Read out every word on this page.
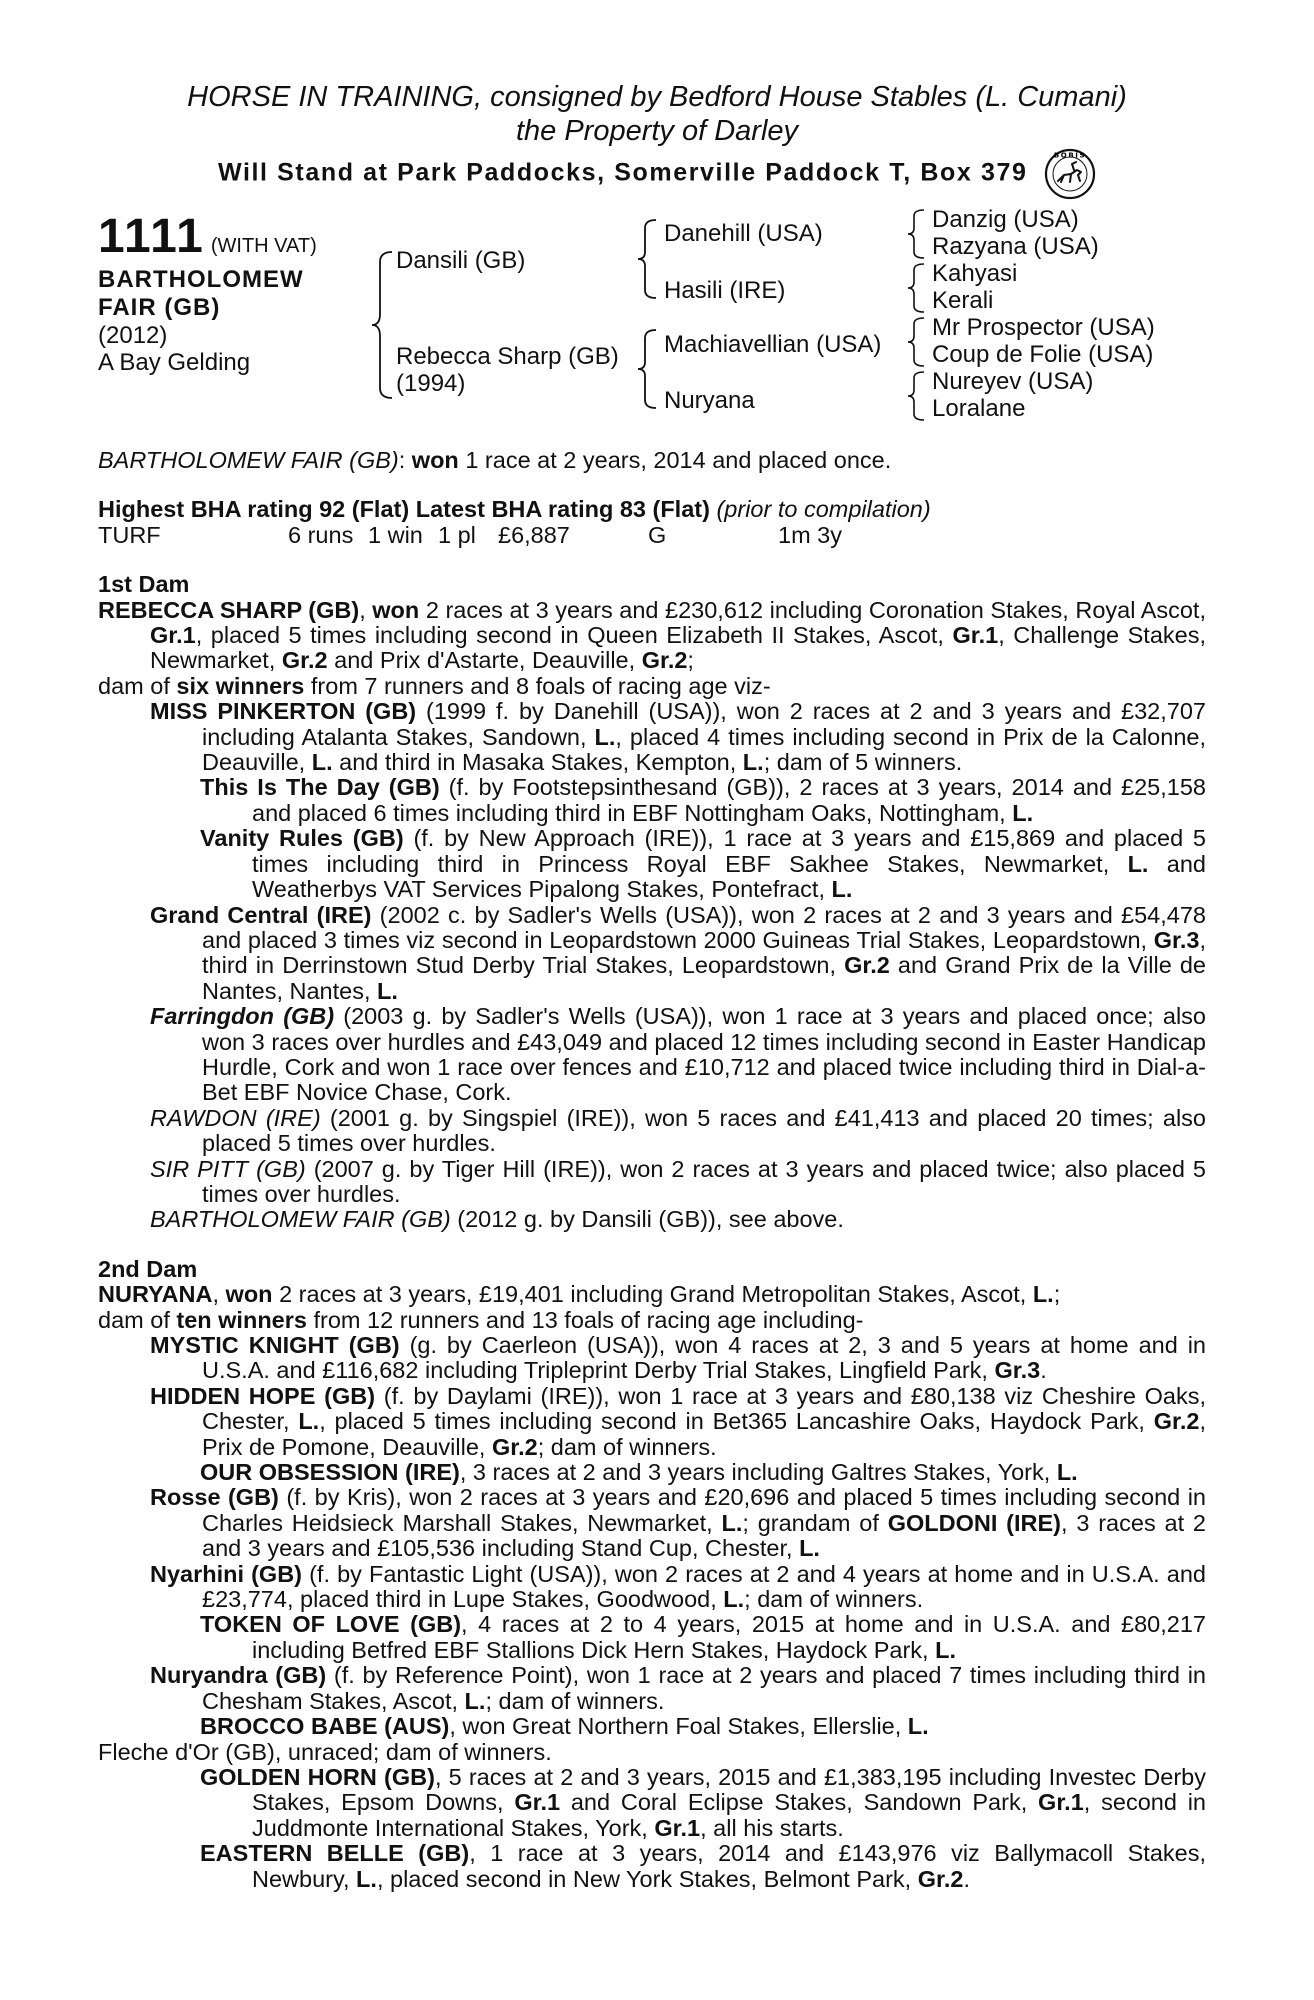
HORSE IN TRAINING, consigned by Bedford House Stables (L. Cumani)
the Property of Darley
Will Stand at Park Paddocks, Somerville Paddock T, Box 379
BOBIS
1111 (WITH VAT)
BARTHOLOMEW
FAIR (GB)
(2012)
A Bay Gelding
Dansili (GB)
Rebecca Sharp (GB)
(1994)
Danehill (USA)
Hasili (IRE)
Machiavellian (USA)
Nuryana
Danzig (USA)
Razyana (USA)
Kahyasi
Kerali
Mr Prospector (USA)
Coup de Folie (USA)
Nureyev (USA)
Loralane

BARTHOLOMEW FAIR (GB): won 1 race at 2 years, 2014 and placed once.

Highest BHA rating 92 (Flat) Latest BHA rating 83 (Flat) (prior to compilation)

TURF	6 runs 1 win 1 pl £6,887	G	1m 3y

1st Dam

REBECCA SHARP (GB), won 2 races at 3 years and £230,612 including Coronation Stakes, Royal Ascot, Gr.1, placed 5 times including second in Queen Elizabeth II Stakes, Ascot, Gr.1, Challenge Stakes, Newmarket, Gr.2 and Prix d'Astarte, Deauville, Gr.2;

dam of six winners from 7 runners and 8 foals of racing age viz-

MISS PINKERTON (GB) (1999 f. by Danehill (USA)), won 2 races at 2 and 3 years and £32,707 including Atalanta Stakes, Sandown, L., placed 4 times including second in Prix de la Calonne, Deauville, L. and third in Masaka Stakes, Kempton, L.; dam of 5 winners.

This Is The Day (GB) (f. by Footstepsinthesand (GB)), 2 races at 3 years, 2014 and £25,158 and placed 6 times including third in EBF Nottingham Oaks, Nottingham, L.

Vanity Rules (GB) (f. by New Approach (IRE)), 1 race at 3 years and £15,869 and placed 5 times including third in Princess Royal EBF Sakhee Stakes, Newmarket, L. and Weatherbys VAT Services Pipalong Stakes, Pontefract, L.

Grand Central (IRE) (2002 c. by Sadler's Wells (USA)), won 2 races at 2 and 3 years and £54,478 and placed 3 times viz second in Leopardstown 2000 Guineas Trial Stakes, Leopardstown, Gr.3, third in Derrinstown Stud Derby Trial Stakes, Leopardstown, Gr.2 and Grand Prix de la Ville de Nantes, Nantes, L.

Farringdon (GB) (2003 g. by Sadler's Wells (USA)), won 1 race at 3 years and placed once; also won 3 races over hurdles and £43,049 and placed 12 times including second in Easter Handicap Hurdle, Cork and won 1 race over fences and £10,712 and placed twice including third in Dial-a-Bet EBF Novice Chase, Cork.

RAWDON (IRE) (2001 g. by Singspiel (IRE)), won 5 races and £41,413 and placed 20 times; also placed 5 times over hurdles.

SIR PITT (GB) (2007 g. by Tiger Hill (IRE)), won 2 races at 3 years and placed twice; also placed 5 times over hurdles.

BARTHOLOMEW FAIR (GB) (2012 g. by Dansili (GB)), see above.

2nd Dam

NURYANA, won 2 races at 3 years, £19,401 including Grand Metropolitan Stakes, Ascot, L.;

dam of ten winners from 12 runners and 13 foals of racing age including-

MYSTIC KNIGHT (GB) (g. by Caerleon (USA)), won 4 races at 2, 3 and 5 years at home and in U.S.A. and £116,682 including Tripleprint Derby Trial Stakes, Lingfield Park, Gr.3.

HIDDEN HOPE (GB) (f. by Daylami (IRE)), won 1 race at 3 years and £80,138 viz Cheshire Oaks, Chester, L., placed 5 times including second in Bet365 Lancashire Oaks, Haydock Park, Gr.2, Prix de Pomone, Deauville, Gr.2; dam of winners.

OUR OBSESSION (IRE), 3 races at 2 and 3 years including Galtres Stakes, York, L.

Rosse (GB) (f. by Kris), won 2 races at 3 years and £20,696 and placed 5 times including second in Charles Heidsieck Marshall Stakes, Newmarket, L.; grandam of GOLDONI (IRE), 3 races at 2 and 3 years and £105,536 including Stand Cup, Chester, L.

Nyarhini (GB) (f. by Fantastic Light (USA)), won 2 races at 2 and 4 years at home and in U.S.A. and £23,774, placed third in Lupe Stakes, Goodwood, L.; dam of winners.

TOKEN OF LOVE (GB), 4 races at 2 to 4 years, 2015 at home and in U.S.A. and £80,217 including Betfred EBF Stallions Dick Hern Stakes, Haydock Park, L.

Nuryandra (GB) (f. by Reference Point), won 1 race at 2 years and placed 7 times including third in Chesham Stakes, Ascot, L.; dam of winners.

BROCCO BABE (AUS), won Great Northern Foal Stakes, Ellerslie, L.

Fleche d'Or (GB), unraced; dam of winners.

GOLDEN HORN (GB), 5 races at 2 and 3 years, 2015 and £1,383,195 including Investec Derby Stakes, Epsom Downs, Gr.1 and Coral Eclipse Stakes, Sandown Park, Gr.1, second in Juddmonte International Stakes, York, Gr.1, all his starts.

EASTERN BELLE (GB), 1 race at 3 years, 2014 and £143,976 viz Ballymacoll Stakes, Newbury, L., placed second in New York Stakes, Belmont Park, Gr.2.
